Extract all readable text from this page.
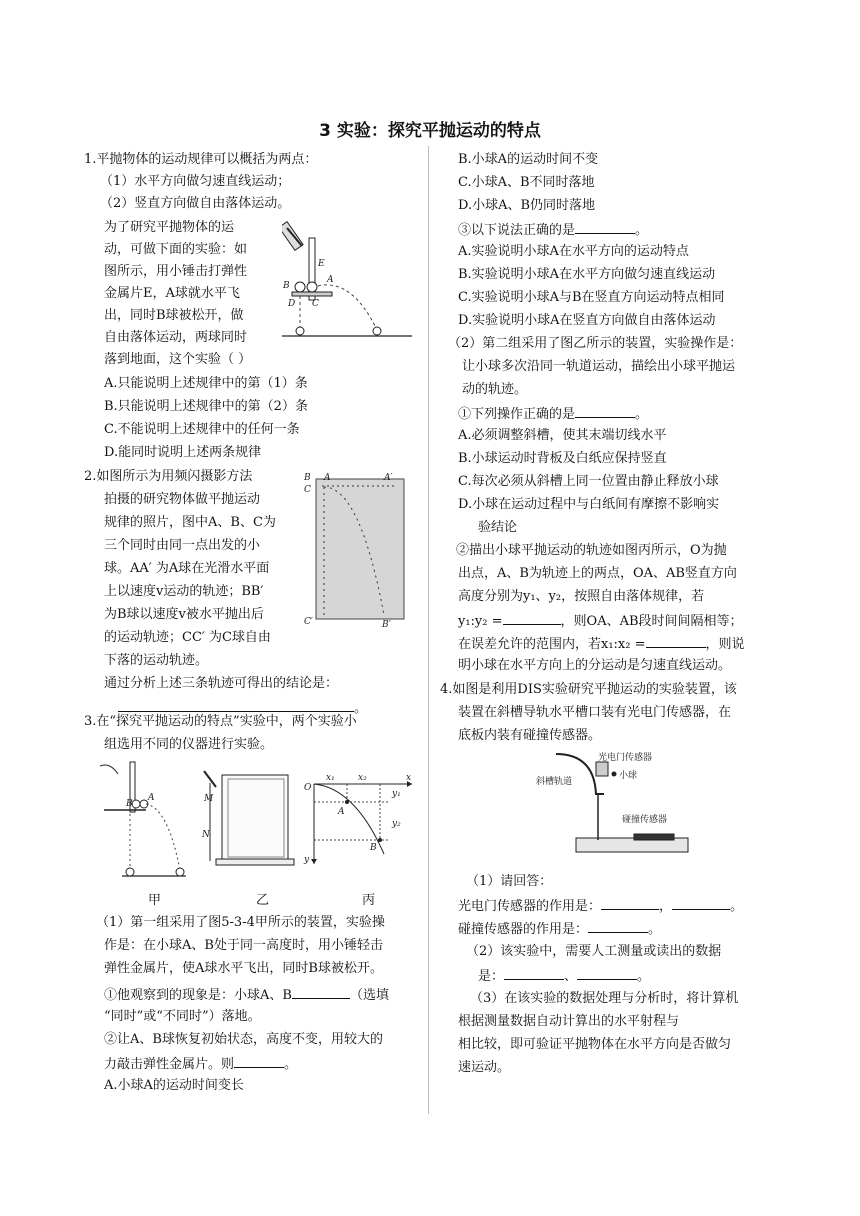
3 实验：探究平抛运动的特点
1.平抛物体的运动规律可以概括为两点：
（1）水平方向做匀速直线运动；
（2）竖直方向做自由落体运动。
为了研究平抛物体的运
动，可做下面的实验：如
图所示，用小锤击打弹性
金属片E，A球就水平飞
出，同时B球被松开，做
自由落体运动，两球同时
落到地面，这个实验（ ）
A.只能说明上述规律中的第（1）条
B.只能说明上述规律中的第（2）条
C.不能说明上述规律中的任何一条
D.能同时说明上述两条规律
E
A
B
D C
2.如图所示为用频闪摄影方法
拍摄的研究物体做平抛运动
规律的照片，图中A、B、C为
三个同时由同一点出发的小
球。AA′ 为A球在光滑水平面
上以速度v运动的轨迹；BB′
为B球以速度v被水平抛出后
的运动轨迹；CC′ 为C球自由
下落的运动轨迹。
通过分析上述三条轨迹可得出的结论是：
。
B A	A′
C
C′	B′
3.在“探究平抛运动的特点”实验中，两个实验小
组选用不同的仪器进行实验。
A
B	M
N
x₁	x₂	x
O
y₁
y₂
A
B
y
甲	乙	丙
（1）第一组采用了图5-3-4甲所示的装置，实验操
作是：在小球A、B处于同一高度时，用小锤轻击
弹性金属片，使A球水平飞出，同时B球被松开。
①他观察到的现象是：小球A、B	（选填
“同时”或“不同时”）落地。
②让A、B球恢复初始状态，高度不变，用较大的
力敲击弹性金属片。则	。
A.小球A的运动时间变长
B.小球A的运动时间不变
C.小球A、B不同时落地
D.小球A、B仍同时落地
③以下说法正确的是	。
A.实验说明小球A在水平方向的运动特点
B.实验说明小球A在水平方向做匀速直线运动
C.实验说明小球A与B在竖直方向运动特点相同
D.实验说明小球A在竖直方向做自由落体运动
（2）第二组采用了图乙所示的装置，实验操作是：
让小球多次沿同一轨道运动，描绘出小球平抛运
动的轨迹。
①下列操作正确的是	。
A.必须调整斜槽，使其末端切线水平
B.小球运动时背板及白纸应保持竖直
C.每次必须从斜槽上同一位置由静止释放小球
D.小球在运动过程中与白纸间有摩擦不影响实
验结论
②描出小球平抛运动的轨迹如图丙所示，O为抛
出点，A、B为轨迹上的两点，OA、AB竖直方向
高度分别为y₁、y₂，按照自由落体规律，若
y₁:y₂ =	，则OA、AB段时间间隔相等；
在误差允许的范围内，若x₁:x₂ =	，则说
明小球在水平方向上的分运动是匀速直线运动。
4.如图是利用DIS实验研究平抛运动的实验装置，该
装置在斜槽导轨水平槽口装有光电门传感器，在
底板内装有碰撞传感器。
光电门传感器
斜槽轨道
小球
碰撞传感器
（1）请回答：
光电门传感器的作用是：	，	。
碰撞传感器的作用是：	。
（2）该实验中，需要人工测量或读出的数据
是：	、	。
（3）在该实验的数据处理与分析时，将计算机
根据测量数据自动计算出的水平射程与
相比较，即可验证平抛物体在水平方向是否做匀
速运动。
